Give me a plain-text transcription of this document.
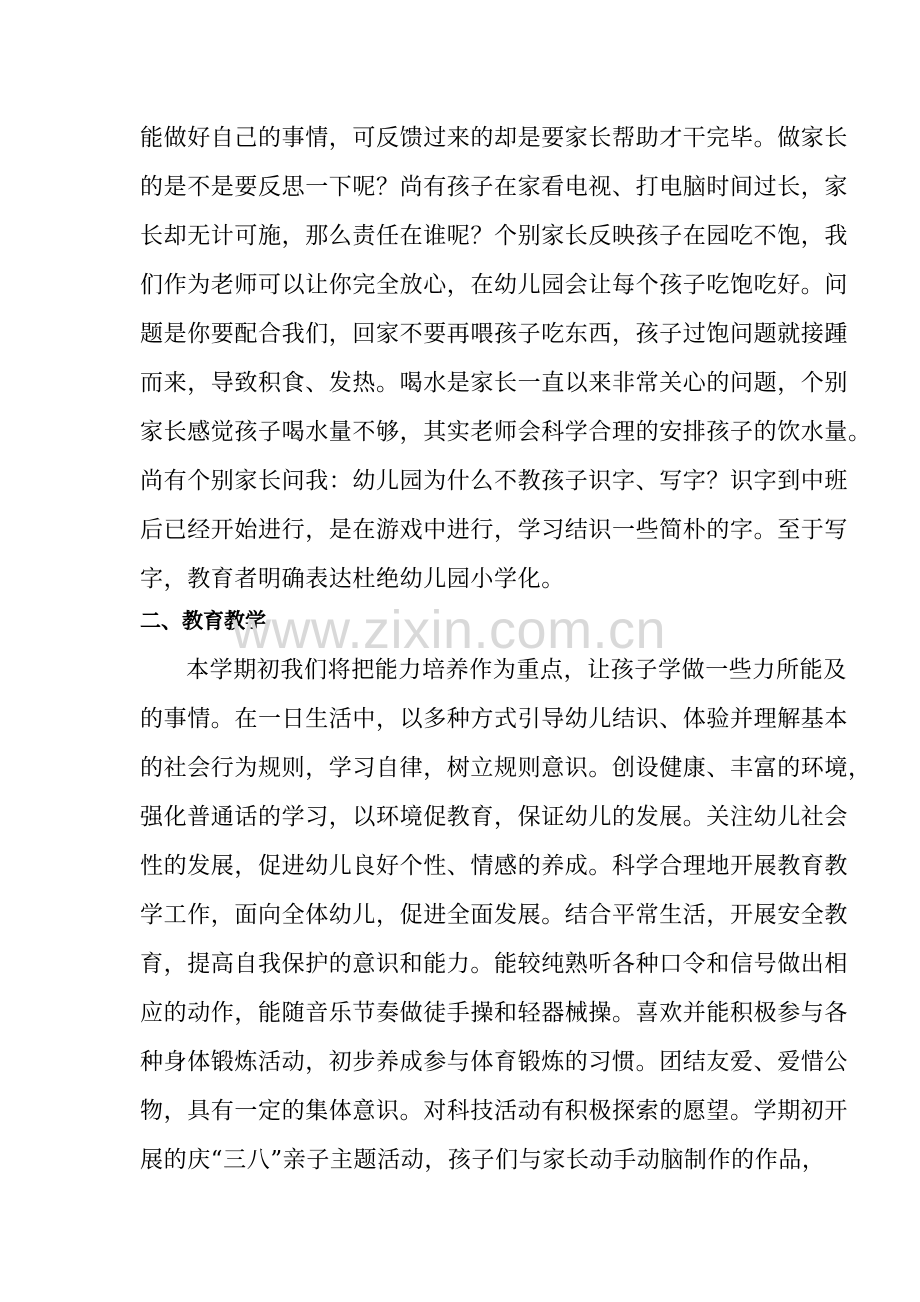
能做好自己的事情，可反馈过来的却是要家长帮助才干完毕。做家长
的是不是要反思一下呢？尚有孩子在家看电视、打电脑时间过长，家
长却无计可施，那么责任在谁呢？个别家长反映孩子在园吃不饱，我
们作为老师可以让你完全放心，在幼儿园会让每个孩子吃饱吃好。问
题是你要配合我们，回家不要再喂孩子吃东西，孩子过饱问题就接踵
而来，导致积食、发热。喝水是家长一直以来非常关心的问题，个别
家长感觉孩子喝水量不够，其实老师会科学合理的安排孩子的饮水量。
尚有个别家长问我：幼儿园为什么不教孩子识字、写字？识字到中班
后已经开始进行，是在游戏中进行，学习结识一些简朴的字。至于写
字，教育者明确表达杜绝幼儿园小学化。
二、教育教学
www.zixin.com.cn
本学期初我们将把能力培养作为重点，让孩子学做一些力所能及
的事情。在一日生活中，以多种方式引导幼儿结识、体验并理解基本
的社会行为规则，学习自律，树立规则意识。创设健康、丰富的环境，
强化普通话的学习，以环境促教育，保证幼儿的发展。关注幼儿社会
性的发展，促进幼儿良好个性、情感的养成。科学合理地开展教育教
学工作，面向全体幼儿，促进全面发展。结合平常生活，开展安全教
育，提高自我保护的意识和能力。能较纯熟听各种口令和信号做出相
应的动作，能随音乐节奏做徒手操和轻器械操。喜欢并能积极参与各
种身体锻炼活动，初步养成参与体育锻炼的习惯。团结友爱、爱惜公
物，具有一定的集体意识。对科技活动有积极探索的愿望。学期初开
展的庆“三八”亲子主题活动，孩子们与家长动手动脑制作的作品，
